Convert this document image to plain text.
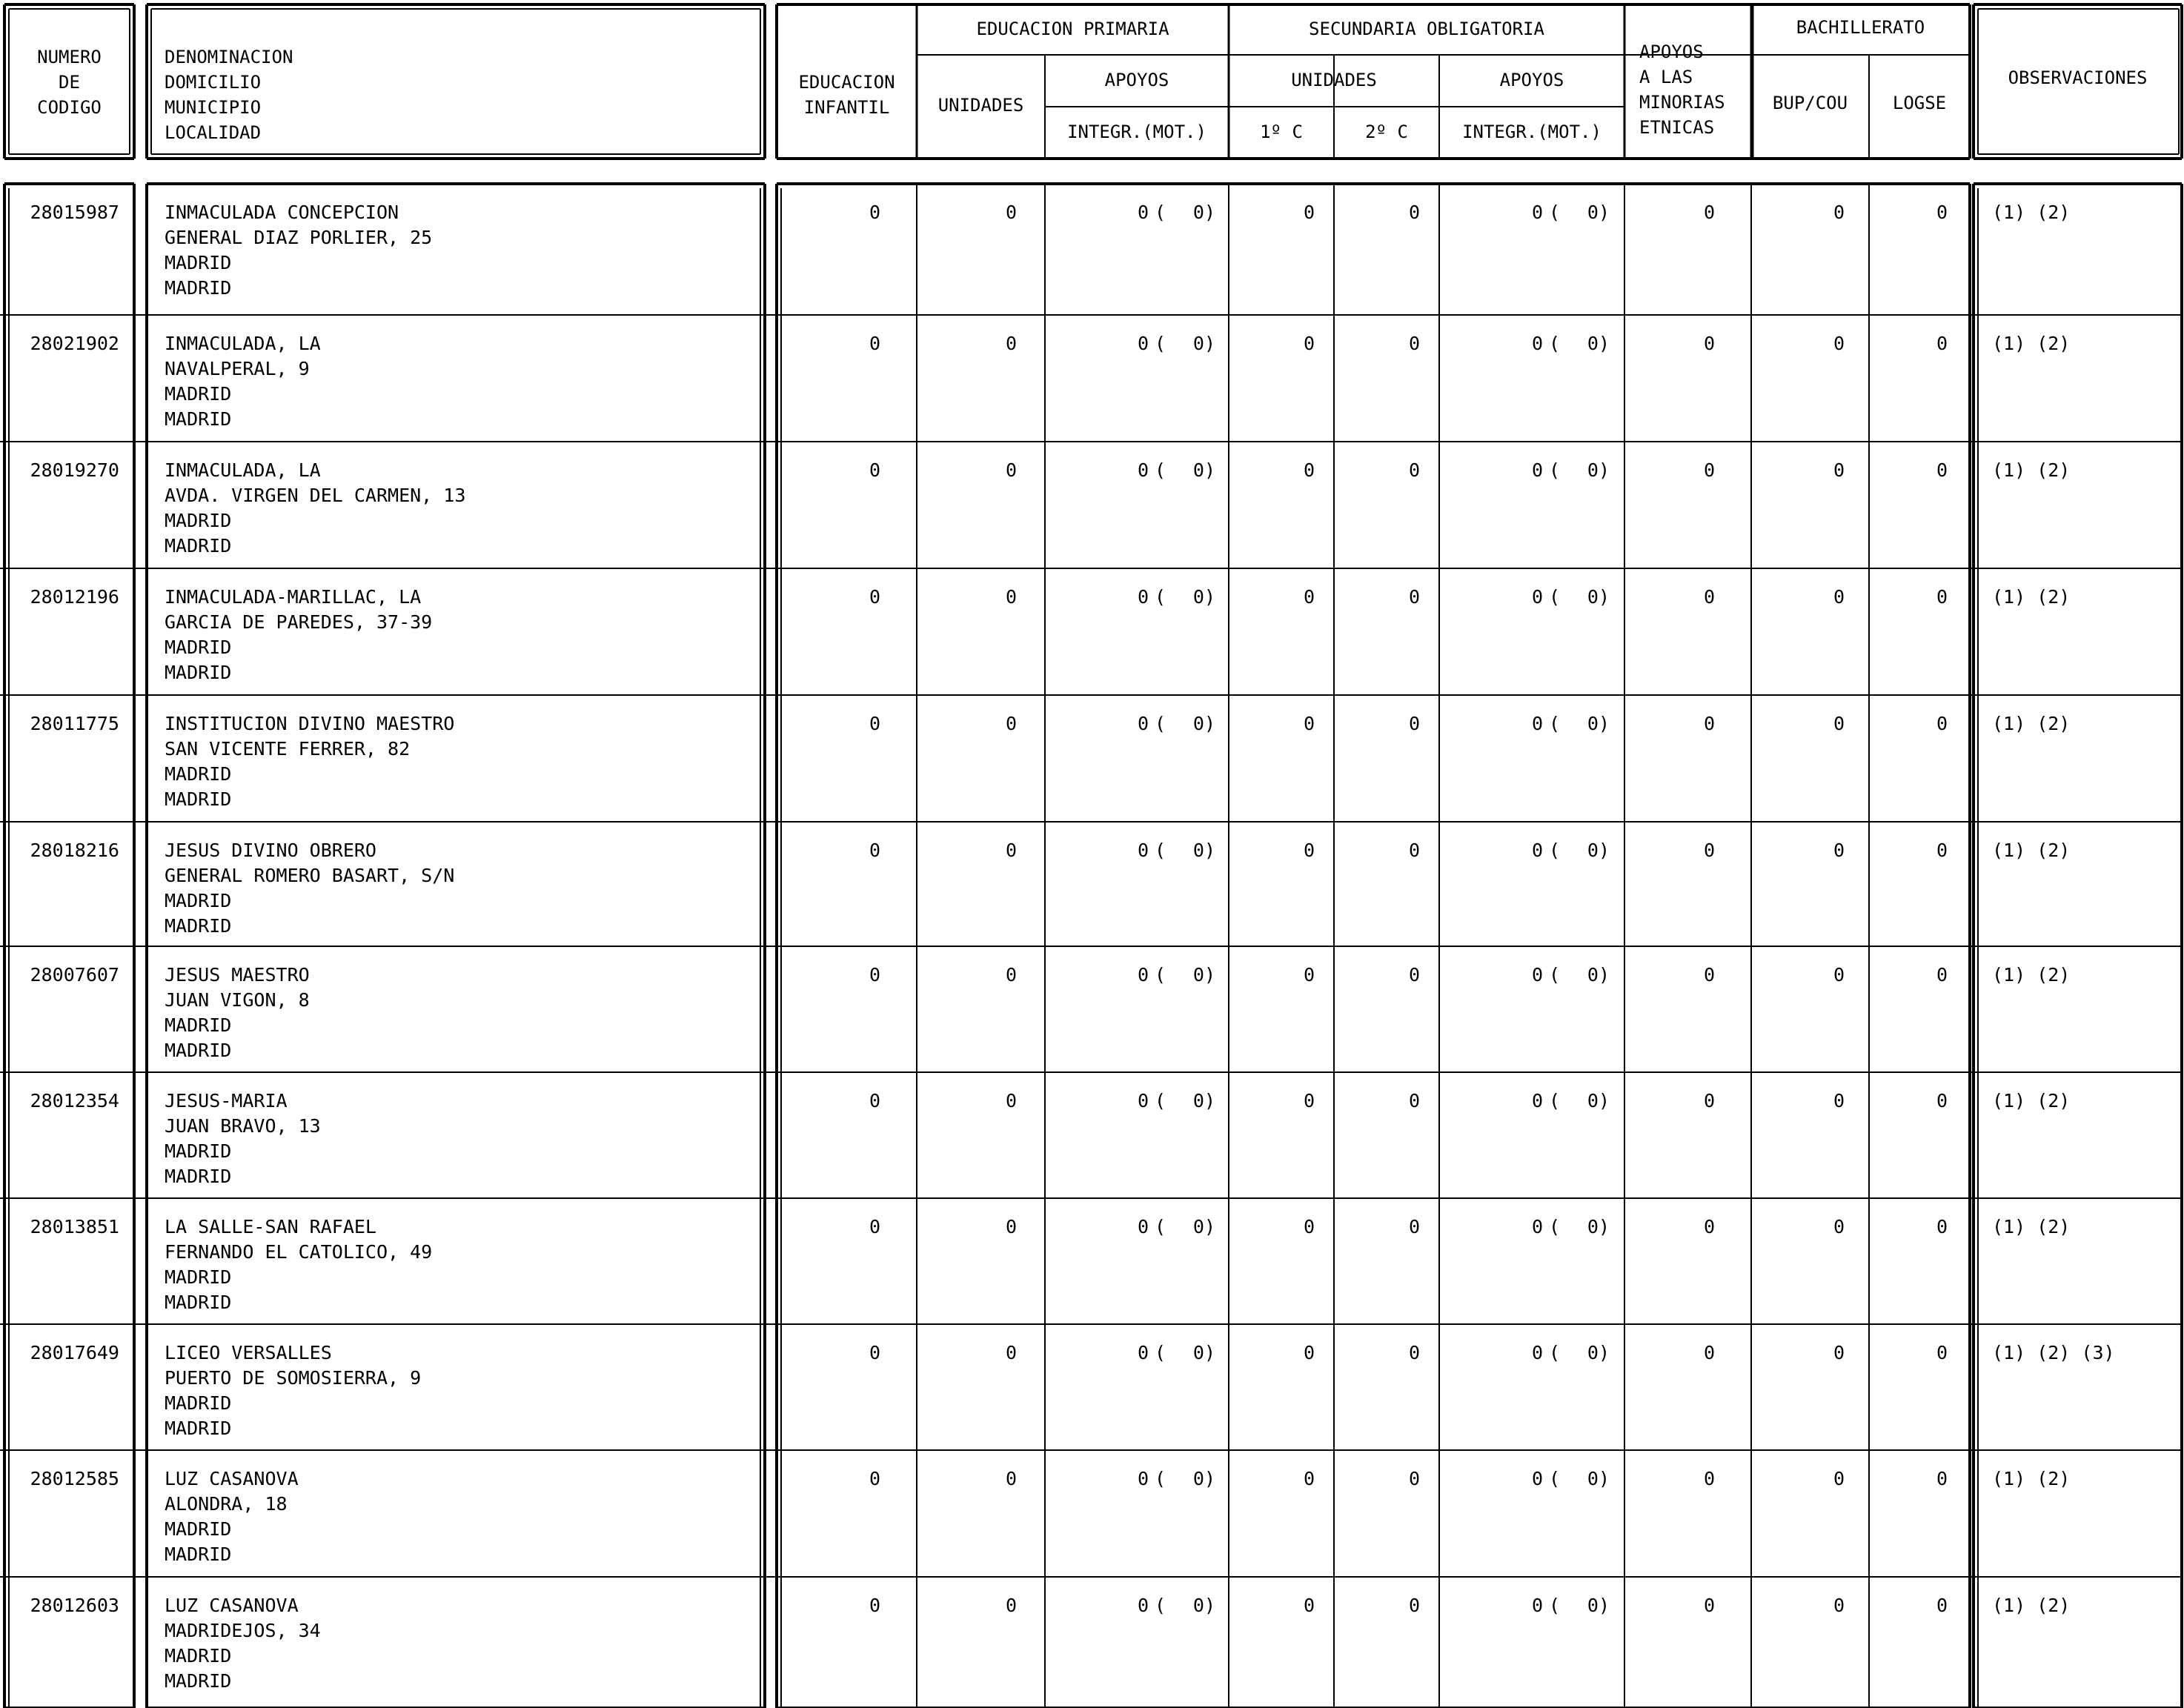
NUMERO
DE
CODIGO
DENOMINACION
DOMICILIO
MUNICIPIO
LOCALIDAD
EDUCACION
INFANTIL
EDUCACION PRIMARIA
UNIDADES
APOYOS
INTEGR.(MOT.)
SECUNDARIA OBLIGATORIA
UNIDADES
1º C	2º C
APOYOS
INTEGR.(MOT.)
APOYOS
A LAS
MINORIAS
ETNICAS
BACHILLERATO
BUP/COU	LOGSE
OBSERVACIONES
28015987 INMACULADA CONCEPCION
GENERAL DIAZ PORLIER, 25
MADRID
MADRID
0	0	0 (	0)	0	0	0 (	0)	0	0	0 (1) (2)
28021902 INMACULADA, LA
NAVALPERAL, 9
MADRID
MADRID
0	0	0 (	0)	0	0	0 (	0)	0	0	0 (1) (2)
28019270 INMACULADA, LA
AVDA. VIRGEN DEL CARMEN, 13
MADRID
MADRID
0	0	0 (	0)	0	0	0 (	0)	0	0	0 (1) (2)
28012196 INMACULADA-MARILLAC, LA
GARCIA DE PAREDES, 37-39
MADRID
MADRID
0	0	0 (	0)	0	0	0 (	0)	0	0	0 (1) (2)
28011775 INSTITUCION DIVINO MAESTRO
SAN VICENTE FERRER, 82
MADRID
MADRID
0	0	0 (	0)	0	0	0 (	0)	0	0	0 (1) (2)
28018216 JESUS DIVINO OBRERO
GENERAL ROMERO BASART, S/N
MADRID
MADRID
0	0	0 (	0)	0	0	0 (	0)	0	0	0 (1) (2)
28007607 JESUS MAESTRO
JUAN VIGON, 8
MADRID
MADRID
0	0	0 (	0)	0	0	0 (	0)	0	0	0 (1) (2)
28012354 JESUS-MARIA
JUAN BRAVO, 13
MADRID
MADRID
0	0	0 (	0)	0	0	0 (	0)	0	0	0 (1) (2)
28013851 LA SALLE-SAN RAFAEL
FERNANDO EL CATOLICO, 49
MADRID
MADRID
0	0	0 (	0)	0	0	0 (	0)	0	0	0 (1) (2)
28017649 LICEO VERSALLES
PUERTO DE SOMOSIERRA, 9
MADRID
MADRID
0	0	0 (	0)	0	0	0 (	0)	0	0	0 (1) (2) (3)
28012585 LUZ CASANOVA
ALONDRA, 18
MADRID
MADRID
0	0	0 (	0)	0	0	0 (	0)	0	0	0 (1) (2)
28012603 LUZ CASANOVA
MADRIDEJOS, 34
MADRID
MADRID
0	0	0 (	0)	0	0	0 (	0)	0	0	0 (1) (2)
